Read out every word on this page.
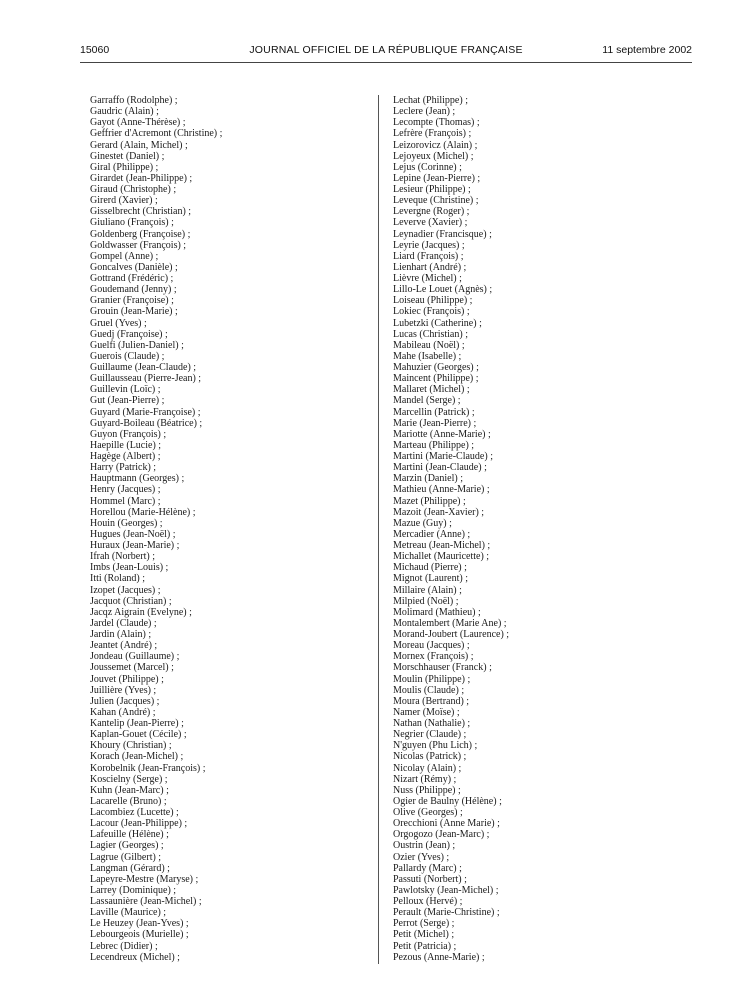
15060	JOURNAL OFFICIEL DE LA RÉPUBLIQUE FRANÇAISE	11 septembre 2002
Garraffo (Rodolphe) ;
Gaudric (Alain) ;
Gayot (Anne-Thérèse) ;
Geffrier d'Acremont (Christine) ;
Gerard (Alain, Michel) ;
Ginestet (Daniel) ;
Giral (Philippe) ;
Girardet (Jean-Philippe) ;
Giraud (Christophe) ;
Girerd (Xavier) ;
Gisselbrecht (Christian) ;
Giuliano (François) ;
Goldenberg (Françoise) ;
Goldwasser (François) ;
Gompel (Anne) ;
Goncalves (Danièle) ;
Gottrand (Frédéric) ;
Goudemand (Jenny) ;
Granier (Françoise) ;
Grouin (Jean-Marie) ;
Gruel (Yves) ;
Guedj (Françoise) ;
Guelfi (Julien-Daniel) ;
Guerois (Claude) ;
Guillaume (Jean-Claude) ;
Guillausseau (Pierre-Jean) ;
Guillevin (Loïc) ;
Gut (Jean-Pierre) ;
Guyard (Marie-Françoise) ;
Guyard-Boileau (Béatrice) ;
Guyon (François) ;
Haepille (Lucie) ;
Hagège (Albert) ;
Harry (Patrick) ;
Hauptmann (Georges) ;
Henry (Jacques) ;
Hommel (Marc) ;
Horellou (Marie-Hélène) ;
Houin (Georges) ;
Hugues (Jean-Noël) ;
Huraux (Jean-Marie) ;
Ifrah (Norbert) ;
Imbs (Jean-Louis) ;
Itti (Roland) ;
Izopet (Jacques) ;
Jacquot (Christian) ;
Jacqz Aigrain (Evelyne) ;
Jardel (Claude) ;
Jardin (Alain) ;
Jeantet (André) ;
Jondeau (Guillaume) ;
Joussemet (Marcel) ;
Jouvet (Philippe) ;
Juillière (Yves) ;
Julien (Jacques) ;
Kahan (André) ;
Kantelip (Jean-Pierre) ;
Kaplan-Gouet (Cécile) ;
Khoury (Christian) ;
Korach (Jean-Michel) ;
Korobelnik (Jean-François) ;
Koscielny (Serge) ;
Kuhn (Jean-Marc) ;
Lacarelle (Bruno) ;
Lacombiez (Lucette) ;
Lacour (Jean-Philippe) ;
Lafeuille (Hélène) ;
Lagier (Georges) ;
Lagrue (Gilbert) ;
Langman (Gérard) ;
Lapeyre-Mestre (Maryse) ;
Larrey (Dominique) ;
Lassaunière (Jean-Michel) ;
Laville (Maurice) ;
Le Heuzey (Jean-Yves) ;
Lebourgeois (Murielle) ;
Lebrec (Didier) ;
Lecendreux (Michel) ;
Lechat (Philippe) ;
Leclere (Jean) ;
Lecompte (Thomas) ;
Lefrère (François) ;
Leizorovicz (Alain) ;
Lejoyeux (Michel) ;
Lejus (Corinne) ;
Lepine (Jean-Pierre) ;
Lesieur (Philippe) ;
Leveque (Christine) ;
Levergne (Roger) ;
Leverve (Xavier) ;
Leynadier (Francisque) ;
Leyrie (Jacques) ;
Liard (François) ;
Lienhart (André) ;
Lièvre (Michel) ;
Lillo-Le Louet (Agnès) ;
Loiseau (Philippe) ;
Lokiec (François) ;
Lubetzki (Catherine) ;
Lucas (Christian) ;
Mabileau (Noël) ;
Mahe (Isabelle) ;
Mahuzier (Georges) ;
Maincent (Philippe) ;
Mallaret (Michel) ;
Mandel (Serge) ;
Marcellin (Patrick) ;
Marie (Jean-Pierre) ;
Mariotte (Anne-Marie) ;
Marteau (Philippe) ;
Martini (Marie-Claude) ;
Martini (Jean-Claude) ;
Marzin (Daniel) ;
Mathieu (Anne-Marie) ;
Mazet (Philippe) ;
Mazoit (Jean-Xavier) ;
Mazue (Guy) ;
Mercadier (Anne) ;
Metreau (Jean-Michel) ;
Michallet (Mauricette) ;
Michaud (Pierre) ;
Mignot (Laurent) ;
Millaire (Alain) ;
Milpied (Noël) ;
Molimard (Mathieu) ;
Montalembert (Marie Ane) ;
Morand-Joubert (Laurence) ;
Moreau (Jacques) ;
Mornex (François) ;
Morschhauser (Franck) ;
Moulin (Philippe) ;
Moulis (Claude) ;
Moura (Bertrand) ;
Namer (Moïse) ;
Nathan (Nathalie) ;
Negrier (Claude) ;
N'guyen (Phu Lich) ;
Nicolas (Patrick) ;
Nicolay (Alain) ;
Nizart (Rémy) ;
Nuss (Philippe) ;
Ogier de Baulny (Hélène) ;
Olive (Georges) ;
Orecchioni (Anne Marie) ;
Orgogozo (Jean-Marc) ;
Oustrin (Jean) ;
Ozier (Yves) ;
Pallardy (Marc) ;
Passuti (Norbert) ;
Pawlotsky (Jean-Michel) ;
Pelloux (Hervé) ;
Perault (Marie-Christine) ;
Perrot (Serge) ;
Petit (Michel) ;
Petit (Patricia) ;
Pezous (Anne-Marie) ;
